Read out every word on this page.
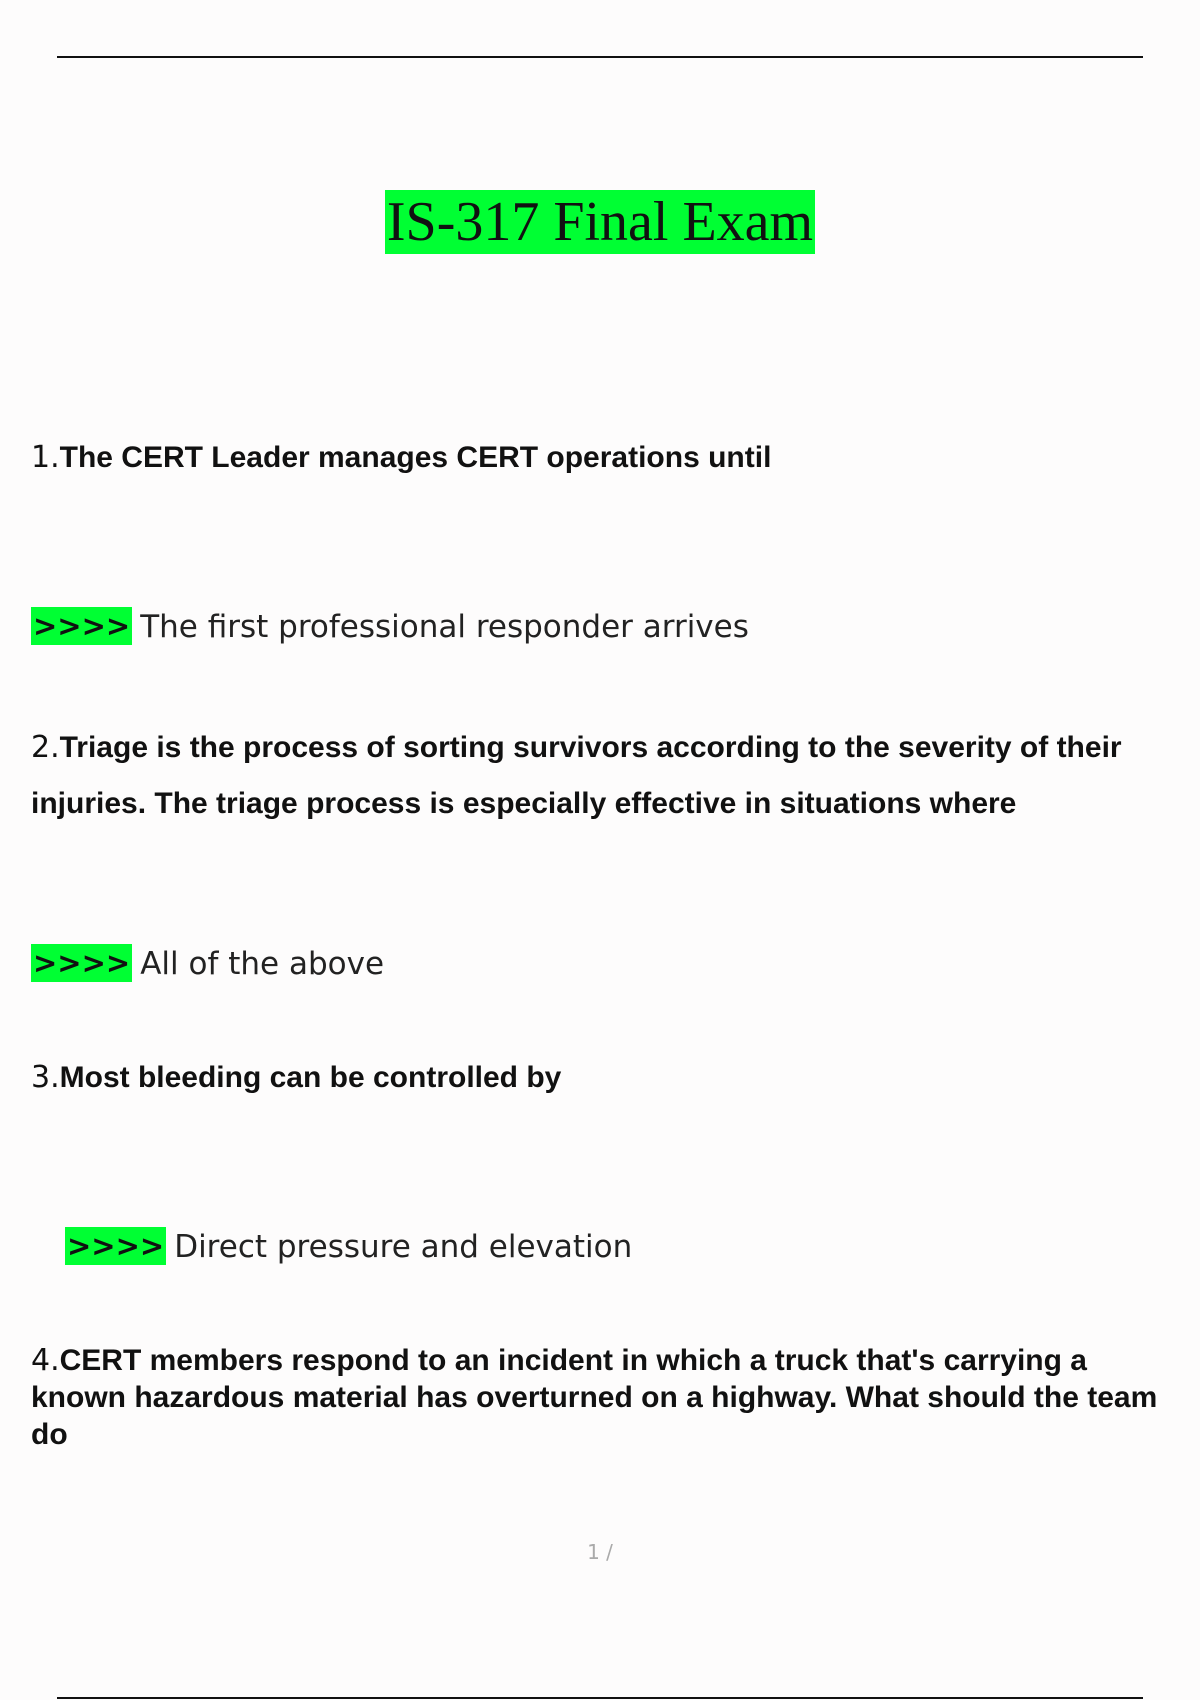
IS-317 Final Exam
1.The CERT Leader manages CERT operations until
>>>> The first professional responder arrives
2.Triage is the process of sorting survivors according to the severity of their injuries. The triage process is especially effective in situations where
>>>> All of the above
3.Most bleeding can be controlled by
>>>> Direct pressure and elevation
4.CERT members respond to an incident in which a truck that's carrying a known hazardous material has overturned on a highway. What should the team do
1 /
